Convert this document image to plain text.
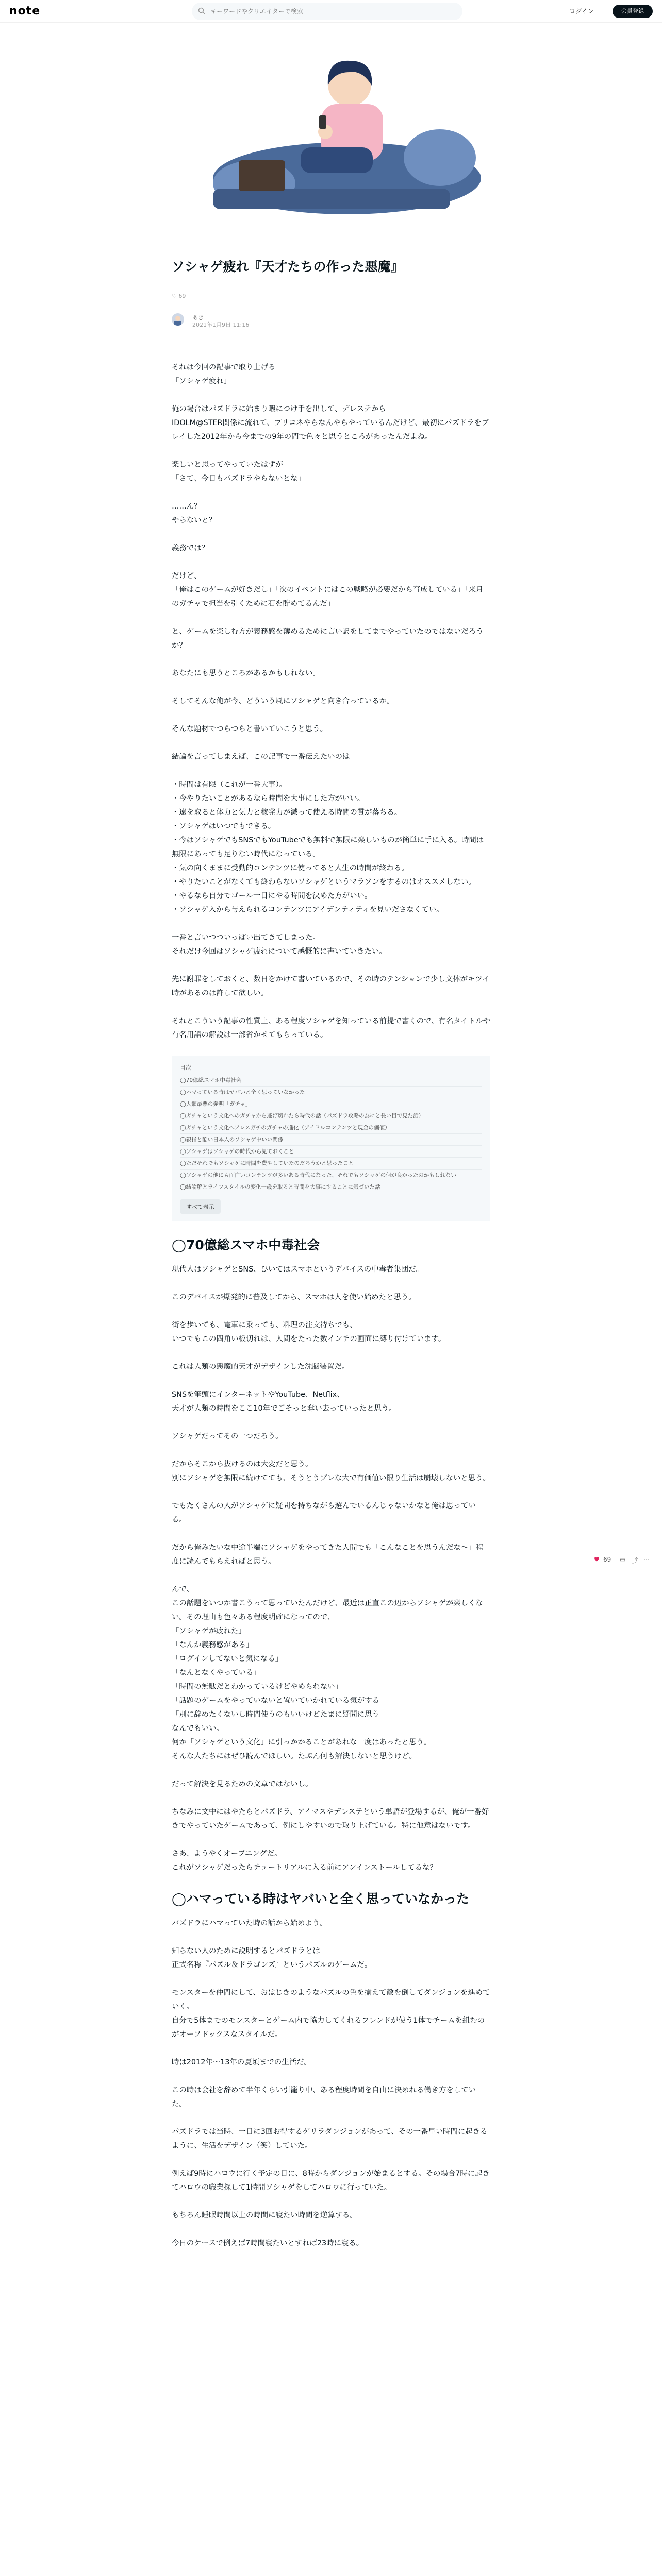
note
キーワードやクリエイターで検索	ログイン	会員登録
ソシャゲ疲れ『天才たちの作った悪魔』
♡ 69
あき
2021年1月9日 11:16

それは今回の記事で取り上げる
「ソシャゲ疲れ」

俺の場合はパズドラに始まり暇につけ手を出して、デレステから
IDOLM@STER関係に流れて、プリコネやらなんやらやっているんだけど、最初にパズドラをプレイした2012年から今までの9年の間で色々と思うところがあったんだよね。

楽しいと思ってやっていたはずが
「さて、今日もパズドラやらないとな」

……ん？
やらないと？

義務では？

だけど、
「俺はこのゲームが好きだし」「次のイベントにはこの戦略が必要だから育成している」「来月のガチャで担当を引くために石を貯めてるんだ」

と、ゲームを楽しむ方が義務感を薄めるために言い訳をしてまでやっていたのではないだろうか？

あなたにも思うところがあるかもしれない。

そしてそんな俺が今、どういう風にソシャゲと向き合っているか。

そんな題材でつらつらと書いていこうと思う。

結論を言ってしまえば、この記事で一番伝えたいのは

・時間は有限（これが一番大事）。
・今やりたいことがあるなら時間を大事にした方がいい。
・遠を取ると体力と気力と稼発力が減って使える時間の質が落ちる。
・ソシャゲはいつでもできる。
・今はソシャゲでもSNSでもYouTubeでも無料で無限に楽しいものが簡単に手に入る。時間は無限にあっても足りない時代になっている。
・気の向くままに受動的コンテンツに使ってると人生の時間が終わる。
・やりたいことがなくても終わらないソシャゲというマラソンをするのはオススメしない。
・やるなら自分でゴール一日にやる時間を決めた方がいい。
・ソシャゲ入から与えられるコンテンツにアイデンティティを見いださなくてい。

一番と言いつついっぱい出てきてしまった。
それだけ今回はソシャゲ疲れについて感慨的に書いていきたい。

先に謝罪をしておくと、数日をかけて書いているので、その時のテンションで少し文体がキツイ時があるのは許して欲しい。

それとこういう記事の性質上、ある程度ソシャゲを知っている前提で書くので、有名タイトルや有名用語の解説は一部省かせてもらっている。

目次
◯70億総スマホ中毒社会
◯ハマっている時はヤバいと全く思っていなかった
◯人類最悪の発明「ガチャ」
◯ガチャという文化へのガチャから逃げ切れたら時代の話（パズドラ攻略の為にと長い目で見た話）
◯ガチャという文化へアレスガチのガチャの進化（アイドルコンテンツと現金の価値）
◯親指と酷い日本人のソシャゲ中いい関係
◯ソシャゲはソシャゲの時代から見ておくこと
◯ただそれでもソシャゲに時間を費やしていたのだろうかと思ったこと
◯ソシャゲの他にも面白いコンテンツが多いある時代になった、それでもソシャゲの何が良かったのかもしれない
◯結論解とライフスタイルの変化一歳を取ると時間を大事にすることに気づいた話
すべて表示
◯70億総スマホ中毒社会

現代人はソシャゲとSNS、ひいてはスマホというデバイスの中毒者集団だ。

このデバイスが爆発的に普及してから、スマホは人を使い始めたと思う。

街を歩いても、電車に乗っても、料理の注文待ちでも、
いつでもこの四角い板切れは、人間をたった数インチの画面に縛り付けています。

これは人類の悪魔的天才がデザインした洗脳装置だ。

SNSを筆頭にインターネットやYouTube、Netflix、
天才が人類の時間をここ10年でごそっと奪い去っていったと思う。

ソシャゲだってその一つだろう。

だからそこから抜けるのは大変だと思う。
別にソシャゲを無限に続けてても、そうとうプレな大で有価値い限り生活は崩壊しないと思う。

でもたくさんの人がソシャゲに疑問を持ちながら遊んでいるんじゃないかなと俺は思っている。

だから俺みたいな中途半端にソシャゲをやってきた人間でも「こんなことを思うんだな～」程度に読んでもらえればと思う。

んで、
この話題をいつか書こうって思っていたんだけど、最近は正直この辺からソシャゲが楽しくない。その理由も色々ある程度明確になってので、
「ソシャゲが疲れた」
「なんか義務感がある」
「ログインしてないと気になる」
「なんとなくやっている」
「時間の無駄だとわかっているけどやめられない」
「話題のゲームをやっていないと置いていかれている気がする」
「別に辞めたくないし時間使うのもいいけどたまに疑問に思う」
なんでもいい。
何か「ソシャゲという文化」に引っかかることがあれな一度はあったと思う。
そんな人たちにはぜひ読んでほしい。たぶん何も解決しないと思うけど。

だって解決を見るための文章ではないし。

ちなみに文中にはやたらとパズドラ、アイマスやデレステという単語が登場するが、俺が一番好きでやっていたゲームであって、例にしやすいので取り上げている。特に他意はないです。

さあ、ようやくオープニングだ。
これがソシャゲだったらチュートリアルに入る前にアンインストールしてるな？

◯ハマっている時はヤバいと全く思っていなかった

パズドラにハマっていた時の話から始めよう。

知らない人のために説明するとパズドラとは
正式名称『パズル＆ドラゴンズ』というパズルのゲームだ。

モンスターを仲間にして、おはじきのようなパズルの色を揃えて敵を倒してダンジョンを進めていく。
自分で5体までのモンスターとゲーム内で協力してくれるフレンドが使う1体でチームを組むのがオーソドックスなスタイルだ。

時は2012年〜13年の夏頃までの生活だ。

この時は会社を辞めて半年くらい引籠り中、ある程度時間を自由に決めれる働き方をしていた。

パズドラでは当時、一日に3回お得するゲリラダンジョンがあって、その一番早い時間に起きるように、生活をデザイン（笑）していた。

例えば9時にハロウに行く予定の日に、8時からダンジョンが始まるとする。その場合7時に起きてハロウの職業探して1時間ソシャゲをしてハロウに行っていた。

もちろん睡眠時間以上の時間に寝たい時間を逆算する。

今日のケースで例えば7時間寝たいとすれば23時に寝る。

♥ 69 ▭ ⤴ ⋯
